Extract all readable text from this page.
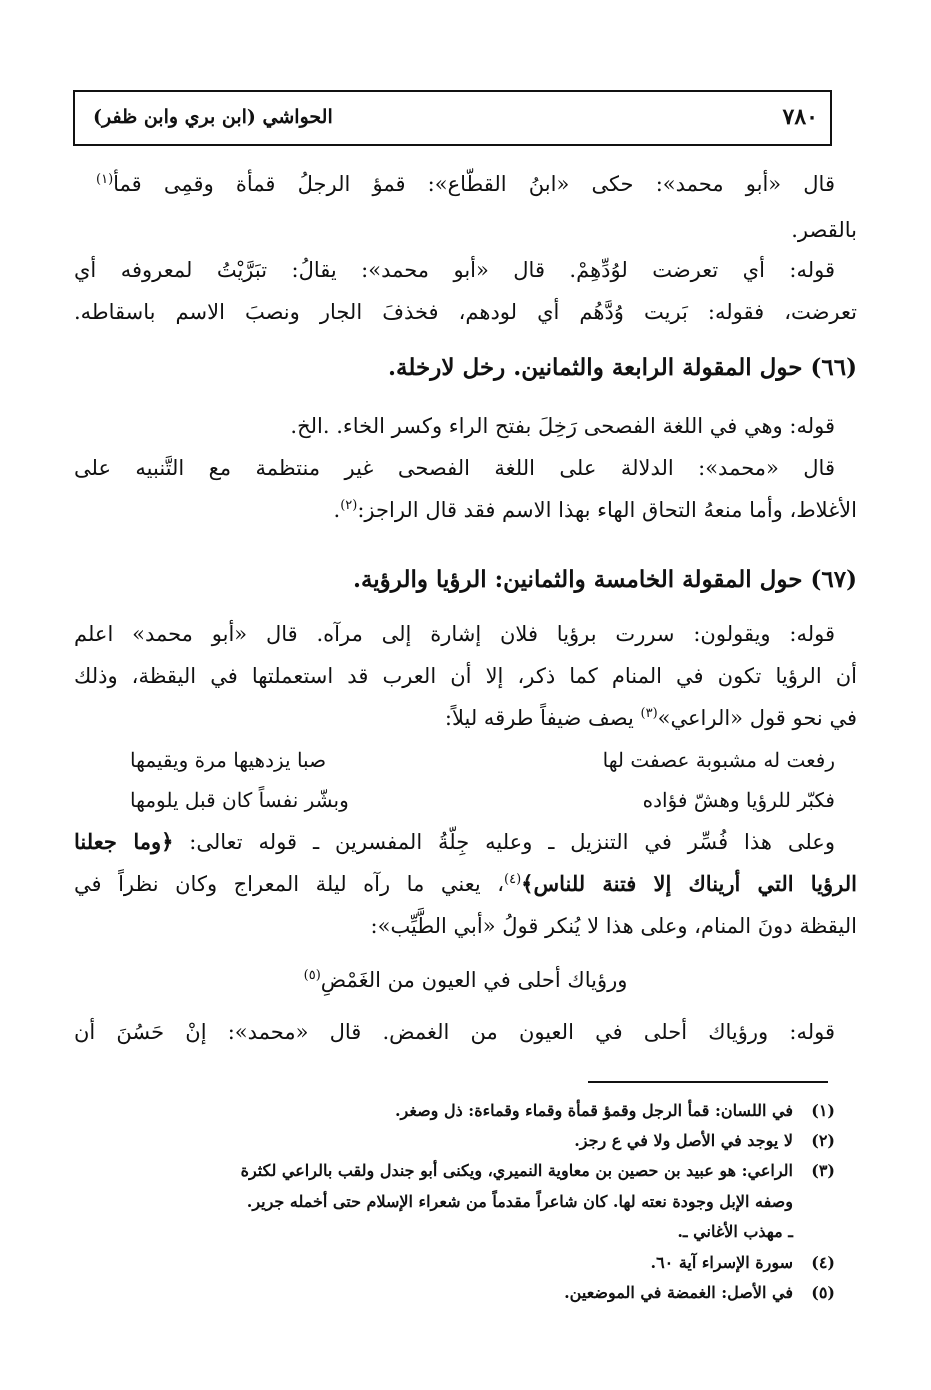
٧٨٠
الحواشي (ابن بري وابن ظفر)
قال «أبو محمد»: حكى «ابنُ القطّاع»: قمؤ الرجلُ قمأة وقمِى قمأ$^{(١)}$
بالقصر.
قوله: أي تعرضت لوُدِّهِمْ. قال «أبو محمد»: يقالُ: تبَرَّيْتُ لمعروفه أي
تعرضت، فقوله: بَريت وُدَّهُم أي لودهم، فخذفَ الجار ونصبَ الاسم باسقاطه.
(٦٦) حول المقولة الرابعة والثمانين. رخل لارخلة.
قوله: وهي في اللغة الفصحى رَخِلَ بفتح الراء وكسر الخاء. .الخ.
قال «محمد»: الدلالة على اللغة الفصحى غير منتظمة مع التَّنبيه على
الأغلاط، وأما منعهُ التحاق الهاء بهذا الاسم فقد قال الراجز:$^{(٢)}$.
(٦٧) حول المقولة الخامسة والثمانين: الرؤيا والرؤية.
قوله: ويقولون: سررت برؤيا فلان إشارة إلى مرآه. قال «أبو محمد» اعلم
أن الرؤيا تكون في المنام كما ذكر، إلا أن العرب قد استعملتها في اليقظة، وذلك
في نحو قول «الراعي»$^{(٣)}$ يصف ضيفاً طرقه ليلاً:
رفعت له مشبوبة عصفت لها
صبا يزدهيها مرة ويقيمها
فكبّر للرؤيا وهشّ فؤاده
وبشّر نفساً كان قبل يلومها
وعلى هذا فُسِّر في التنزيل ـ وعليه جِلّةُ المفسرين ـ قوله تعالى: ﴿وما جعلنا
الرؤيا التي أريناك إلا فتنة للناس﴾$^{(٤)}$، يعني ما رآه ليلة المعراج وكان نظراً في
اليقظة دونَ المنام، وعلى هذا لا يُنكر قولُ «أبي الطَّيِّب»:
ورؤياك أحلى في العيون من الغَمْضِ$^{(٥)}$
قوله: ورؤياك أحلى في العيون من الغمض. قال «محمد»: إنْ حَسُنَ أن
(١)
في اللسان: قمأ الرجل وقمؤ قمأة وقماء وقماءة: ذل وصغر.
(٢)
لا يوجد في الأصل ولا في ع رجز.
(٣)
الراعي: هو عبيد بن حصين بن معاوية النميري، ويكنى أبو جندل ولقب بالراعي لكثرة
وصفه الإبل وجودة نعته لها. كان شاعراً مقدماً من شعراء الإسلام حتى أخمله جرير.
ـ مهذب الأغاني ـ.
(٤)
سورة الإسراء آية ٦٠.
(٥)
في الأصل: الغمضة في الموضعين.
